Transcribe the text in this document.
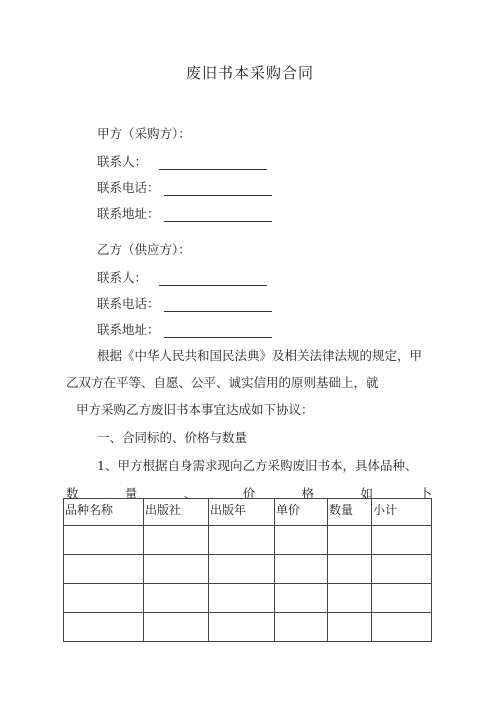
废旧书本采购合同
甲方（采购方）：
联系人：
联系电话：
联系地址：
乙方（供应方）：
联系人：
联系电话：
联系地址：
根据《中华人民共和国民法典》及相关法律法规的规定，甲
乙双方在平等、自愿、公平、诚实信用的原则基础上，就
甲方采购乙方废旧书本事宜达成如下协议：
一、合同标的、价格与数量
1、甲方根据自身需求现向乙方采购废旧书本，具体品种、
数	量	、	价	格	如	卜
品种名称	出版社	出版年	单价	数量	小计
